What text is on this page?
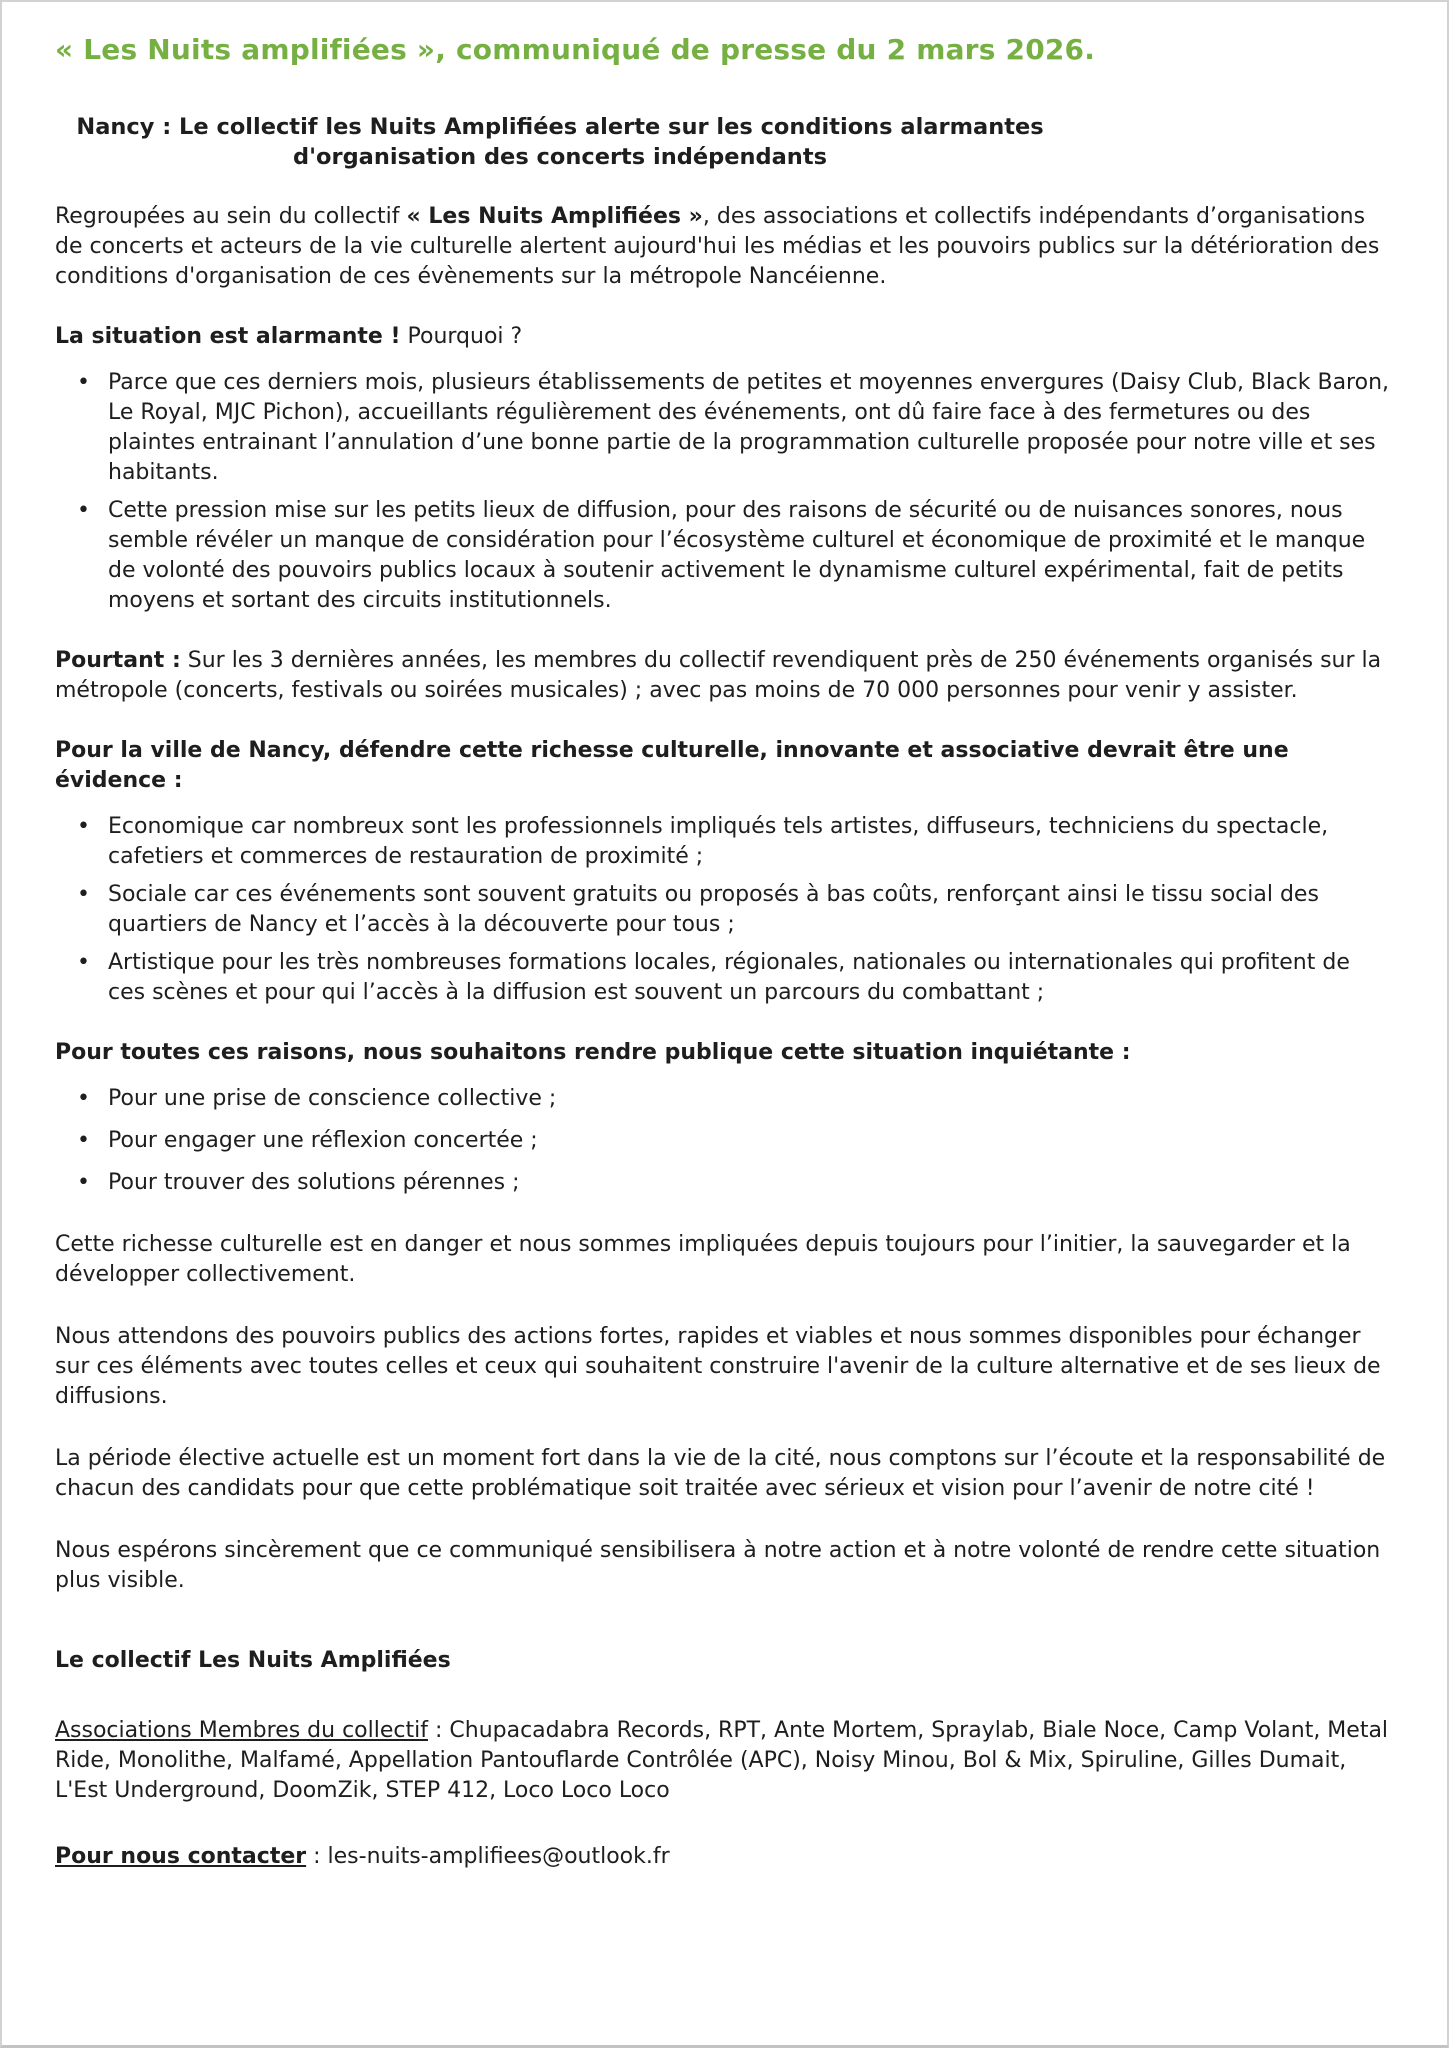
« Les Nuits amplifiées », communiqué de presse du 2 mars 2026.
Nancy : Le collectif les Nuits Amplifiées alerte sur les conditions alarmantes
d'organisation des concerts indépendants

Regroupées au sein du collectif « Les Nuits Amplifiées », des associations et collectifs indépendants d’organisations de concerts et acteurs de la vie culturelle alertent aujourd'hui les médias et les pouvoirs publics sur la détérioration des conditions d'organisation de ces évènements sur la métropole Nancéienne.

La situation est alarmante ! Pourquoi ?

• Parce que ces derniers mois, plusieurs établissements de petites et moyennes envergures (Daisy Club, Black Baron, Le Royal, MJC Pichon), accueillants régulièrement des événements, ont dû faire face à des fermetures ou des plaintes entrainant l’annulation d’une bonne partie de la programmation culturelle proposée pour notre ville et ses habitants.
• Cette pression mise sur les petits lieux de diffusion, pour des raisons de sécurité ou de nuisances sonores, nous semble révéler un manque de considération pour l’écosystème culturel et économique de proximité et le manque de volonté des pouvoirs publics locaux à soutenir activement le dynamisme culturel expérimental, fait de petits moyens et sortant des circuits institutionnels.

Pourtant : Sur les 3 dernières années, les membres du collectif revendiquent près de 250 événements organisés sur la métropole (concerts, festivals ou soirées musicales) ; avec pas moins de 70 000 personnes pour venir y assister.

Pour la ville de Nancy, défendre cette richesse culturelle, innovante et associative devrait être une évidence :

• Economique car nombreux sont les professionnels impliqués tels artistes, diffuseurs, techniciens du spectacle, cafetiers et commerces de restauration de proximité ;
• Sociale car ces événements sont souvent gratuits ou proposés à bas coûts, renforçant ainsi le tissu social des quartiers de Nancy et l’accès à la découverte pour tous ;
• Artistique pour les très nombreuses formations locales, régionales, nationales ou internationales qui profitent de ces scènes et pour qui l’accès à la diffusion est souvent un parcours du combattant ;

Pour toutes ces raisons, nous souhaitons rendre publique cette situation inquiétante :

• Pour une prise de conscience collective ;
• Pour engager une réflexion concertée ;
• Pour trouver des solutions pérennes ;

Cette richesse culturelle est en danger et nous sommes impliquées depuis toujours pour l’initier, la sauvegarder et la développer collectivement.

Nous attendons des pouvoirs publics des actions fortes, rapides et viables et nous sommes disponibles pour échanger sur ces éléments avec toutes celles et ceux qui souhaitent construire l'avenir de la culture alternative et de ses lieux de diffusions.

La période élective actuelle est un moment fort dans la vie de la cité, nous comptons sur l’écoute et la responsabilité de chacun des candidats pour que cette problématique soit traitée avec sérieux et vision pour l’avenir de notre cité !

Nous espérons sincèrement que ce communiqué sensibilisera à notre action et à notre volonté de rendre cette situation plus visible.

Le collectif Les Nuits Amplifiées

Associations Membres du collectif : Chupacadabra Records, RPT, Ante Mortem, Spraylab, Biale Noce, Camp Volant, Metal Ride, Monolithe, Malfamé, Appellation Pantouflarde Contrôlée (APC), Noisy Minou, Bol & Mix, Spiruline, Gilles Dumait, L'Est Underground, DoomZik, STEP 412, Loco Loco Loco

Pour nous contacter : les-nuits-amplifiees@outlook.fr
